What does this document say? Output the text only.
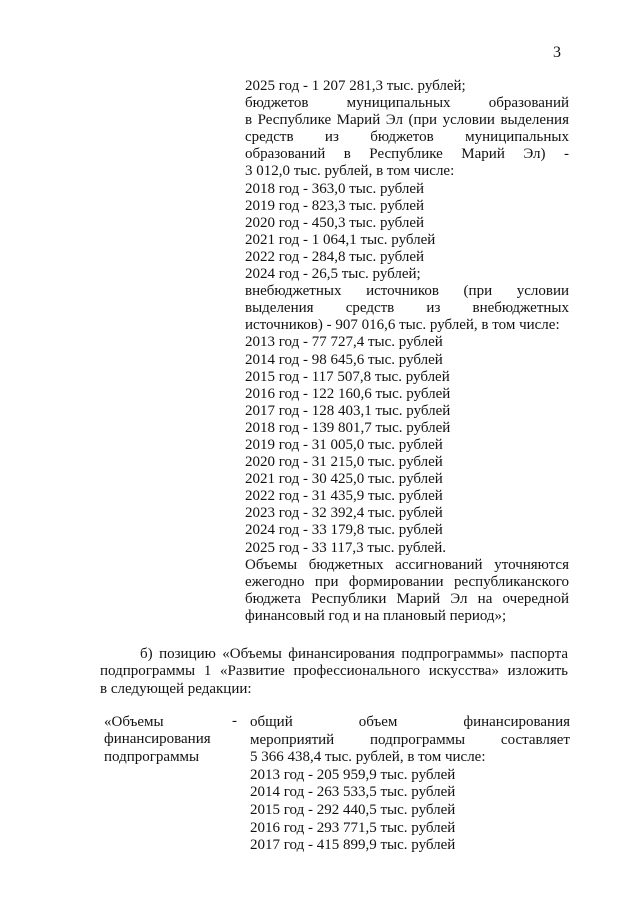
3
2025 год - 1 207 281,3 тыс. рублей;
бюджетов муниципальных образований
в Республике Марий Эл (при условии выделения
средств из бюджетов муниципальных
образований в Республике Марий Эл) -
3 012,0 тыс. рублей, в том числе:
2018 год - 363,0 тыс. рублей
2019 год - 823,3 тыс. рублей
2020 год - 450,3 тыс. рублей
2021 год - 1 064,1 тыс. рублей
2022 год - 284,8 тыс. рублей
2024 год - 26,5 тыс. рублей;
внебюджетных источников (при условии
выделения средств из внебюджетных
источников) - 907 016,6 тыс. рублей, в том числе:
2013 год - 77 727,4 тыс. рублей
2014 год - 98 645,6 тыс. рублей
2015 год - 117 507,8 тыс. рублей
2016 год - 122 160,6 тыс. рублей
2017 год - 128 403,1 тыс. рублей
2018 год - 139 801,7 тыс. рублей
2019 год - 31 005,0 тыс. рублей
2020 год - 31 215,0 тыс. рублей
2021 год - 30 425,0 тыс. рублей
2022 год - 31 435,9 тыс. рублей
2023 год - 32 392,4 тыс. рублей
2024 год - 33 179,8 тыс. рублей
2025 год - 33 117,3 тыс. рублей.
Объемы бюджетных ассигнований уточняются
ежегодно при формировании республиканского
бюджета Республики Марий Эл на очередной
финансовый год и на плановый период»;
б) позицию «Объемы финансирования подпрограммы» паспорта
подпрограммы 1 «Развитие профессионального искусства» изложить
в следующей редакции:
«Объемы
финансирования
подпрограммы
- общий объем финансирования
мероприятий подпрограммы составляет
5 366 438,4 тыс. рублей, в том числе:
2013 год - 205 959,9 тыс. рублей
2014 год - 263 533,5 тыс. рублей
2015 год - 292 440,5 тыс. рублей
2016 год - 293 771,5 тыс. рублей
2017 год - 415 899,9 тыс. рублей
